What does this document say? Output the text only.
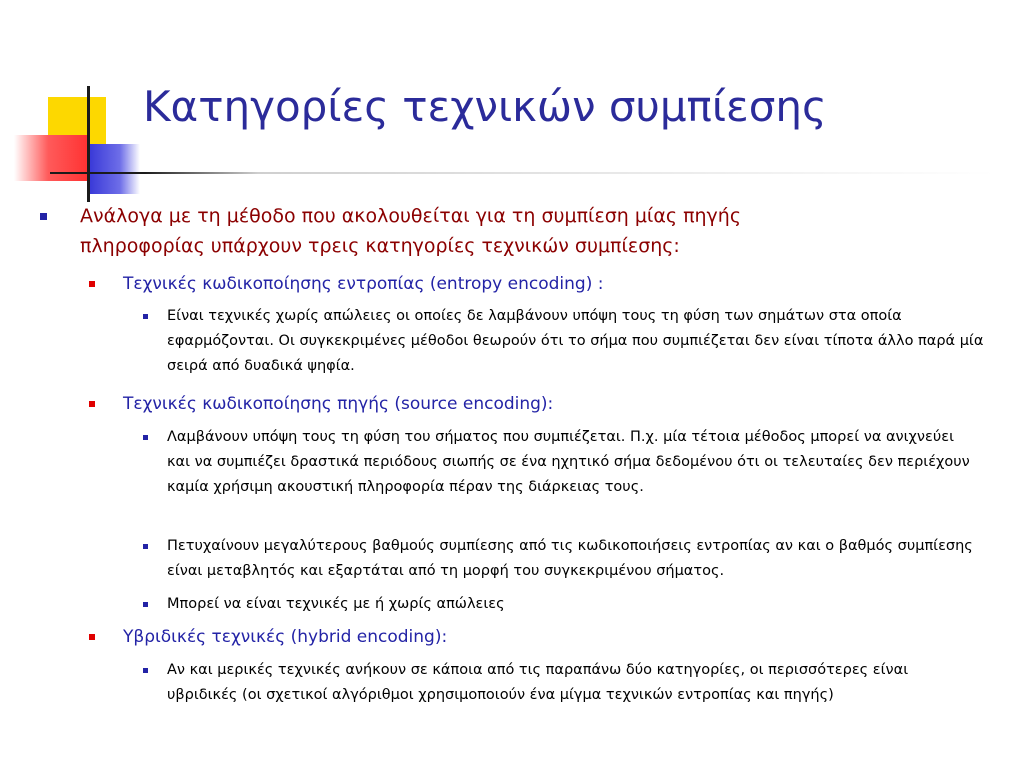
Κατηγορίες τεχνικών συμπίεσης
Ανάλογα με τη μέθοδο που ακολουθείται για τη συμπίεση μίας πηγής πληροφορίας υπάρχουν τρεις κατηγορίες τεχνικών συμπίεσης:
Τεχνικές κωδικοποίησης εντροπίας (entropy encoding) :
Είναι τεχνικές χωρίς απώλειες οι οποίες δε λαμβάνουν υπόψη τους τη φύση των σημάτων στα οποία εφαρμόζονται. Οι συγκεκριμένες μέθοδοι θεωρούν ότι το σήμα που συμπιέζεται δεν είναι τίποτα άλλο παρά μία σειρά από δυαδικά ψηφία.
Τεχνικές κωδικοποίησης πηγής (source encoding):
Λαμβάνουν υπόψη τους τη φύση του σήματος που συμπιέζεται. Π.χ. μία τέτοια μέθοδος μπορεί να ανιχνεύει και να συμπιέζει δραστικά περιόδους σιωπής σε ένα ηχητικό σήμα δεδομένου ότι οι τελευταίες δεν περιέχουν καμία χρήσιμη ακουστική πληροφορία πέραν της διάρκειας τους.
Πετυχαίνουν μεγαλύτερους βαθμούς συμπίεσης από τις κωδικοποιήσεις εντροπίας αν και ο βαθμός συμπίεσης είναι μεταβλητός και εξαρτάται από τη μορφή του συγκεκριμένου σήματος.
Μπορεί να είναι τεχνικές με ή χωρίς απώλειες
Υβριδικές τεχνικές (hybrid encoding):
Αν και μερικές τεχνικές ανήκουν σε κάποια από τις παραπάνω δύο κατηγορίες, οι περισσότερες είναι υβριδικές (οι σχετικοί αλγόριθμοι χρησιμοποιούν ένα μίγμα τεχνικών εντροπίας και πηγής)
